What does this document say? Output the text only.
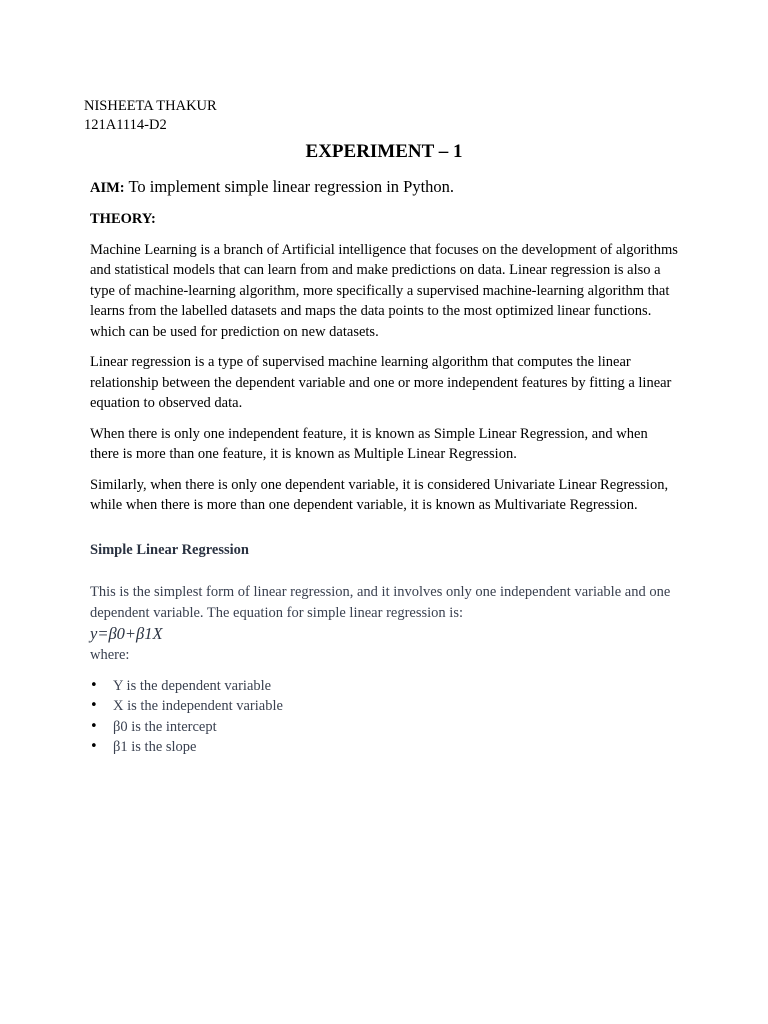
NISHEETA THAKUR
121A1114-D2
EXPERIMENT – 1

AIM: To implement simple linear regression in Python.

THEORY:

Machine Learning is a branch of Artificial intelligence that focuses on the development of algorithms and statistical models that can learn from and make predictions on data. Linear regression is also a type of machine-learning algorithm, more specifically a supervised machine-learning algorithm that learns from the labelled datasets and maps the data points to the most optimized linear functions. which can be used for prediction on new datasets.

Linear regression is a type of supervised machine learning algorithm that computes the linear relationship between the dependent variable and one or more independent features by fitting a linear equation to observed data.

When there is only one independent feature, it is known as Simple Linear Regression, and when there is more than one feature, it is known as Multiple Linear Regression.

Similarly, when there is only one dependent variable, it is considered Univariate Linear Regression, while when there is more than one dependent variable, it is known as Multivariate Regression.

Simple Linear Regression

This is the simplest form of linear regression, and it involves only one independent variable and one dependent variable. The equation for simple linear regression is:

y=β0+β1X

where:

• Y is the dependent variable
• X is the independent variable
• β0 is the intercept
• β1 is the slope
